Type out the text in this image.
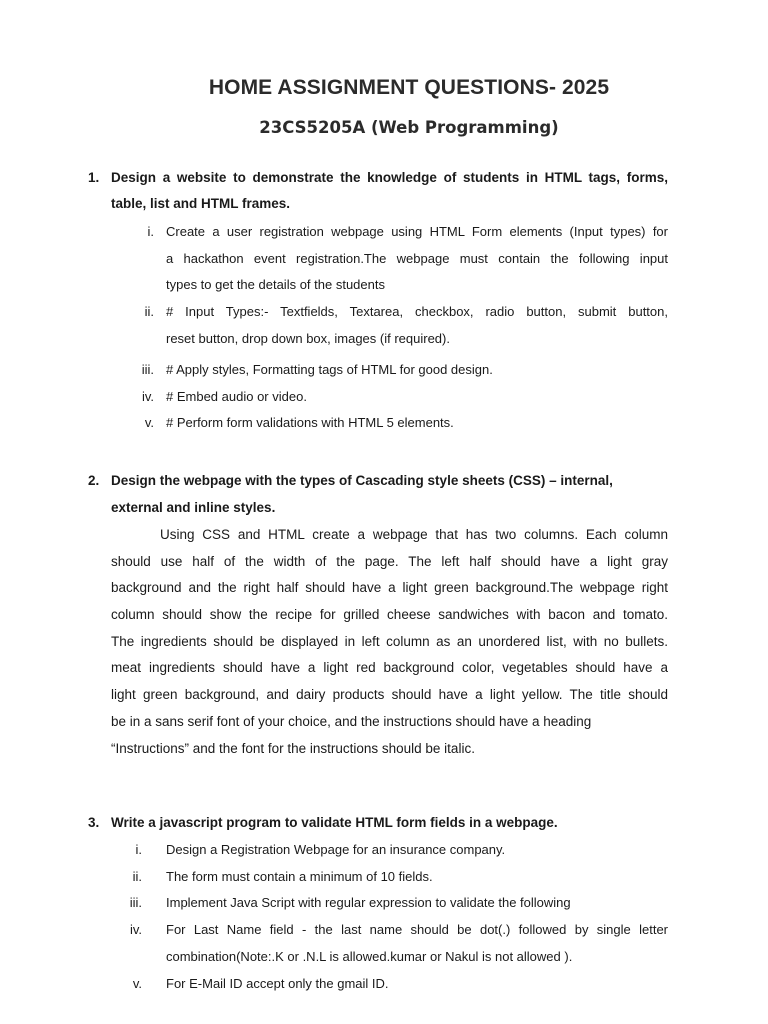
HOME ASSIGNMENT QUESTIONS- 2025
23CS5205A (Web Programming)
1. Design a website to demonstrate the knowledge of students in HTML tags, forms,
table, list and HTML frames.
i. Create a user registration webpage using HTML Form elements (Input types) for
a hackathon event registration.The webpage must contain the following input
types to get the details of the students
ii. # Input Types:- Textfields, Textarea, checkbox, radio button, submit button,
reset button, drop down box, images (if required).
iii. # Apply styles, Formatting tags of HTML for good design.
iv. # Embed audio or video.
v. # Perform form validations with HTML 5 elements.
2. Design the webpage with the types of Cascading style sheets (CSS) – internal,
external and inline styles.
Using CSS and HTML create a webpage that has two columns. Each column
should use half of the width of the page. The left half should have a light gray
background and the right half should have a light green background.The webpage right
column should show the recipe for grilled cheese sandwiches with bacon and tomato.
The ingredients should be displayed in left column as an unordered list, with no bullets.
meat ingredients should have a light red background color, vegetables should have a
light green background, and dairy products should have a light yellow. The title should
be in a sans serif font of your choice, and the instructions should have a heading
“Instructions” and the font for the instructions should be italic.
3. Write a javascript program to validate HTML form fields in a webpage.
i. Design a Registration Webpage for an insurance company.
ii. The form must contain a minimum of 10 fields.
iii. Implement Java Script with regular expression to validate the following
iv. For Last Name field - the last name should be dot(.) followed by single letter
combination(Note:.K or .N.L is allowed.kumar or Nakul is not allowed ).
v. For E-Mail ID accept only the gmail ID.
